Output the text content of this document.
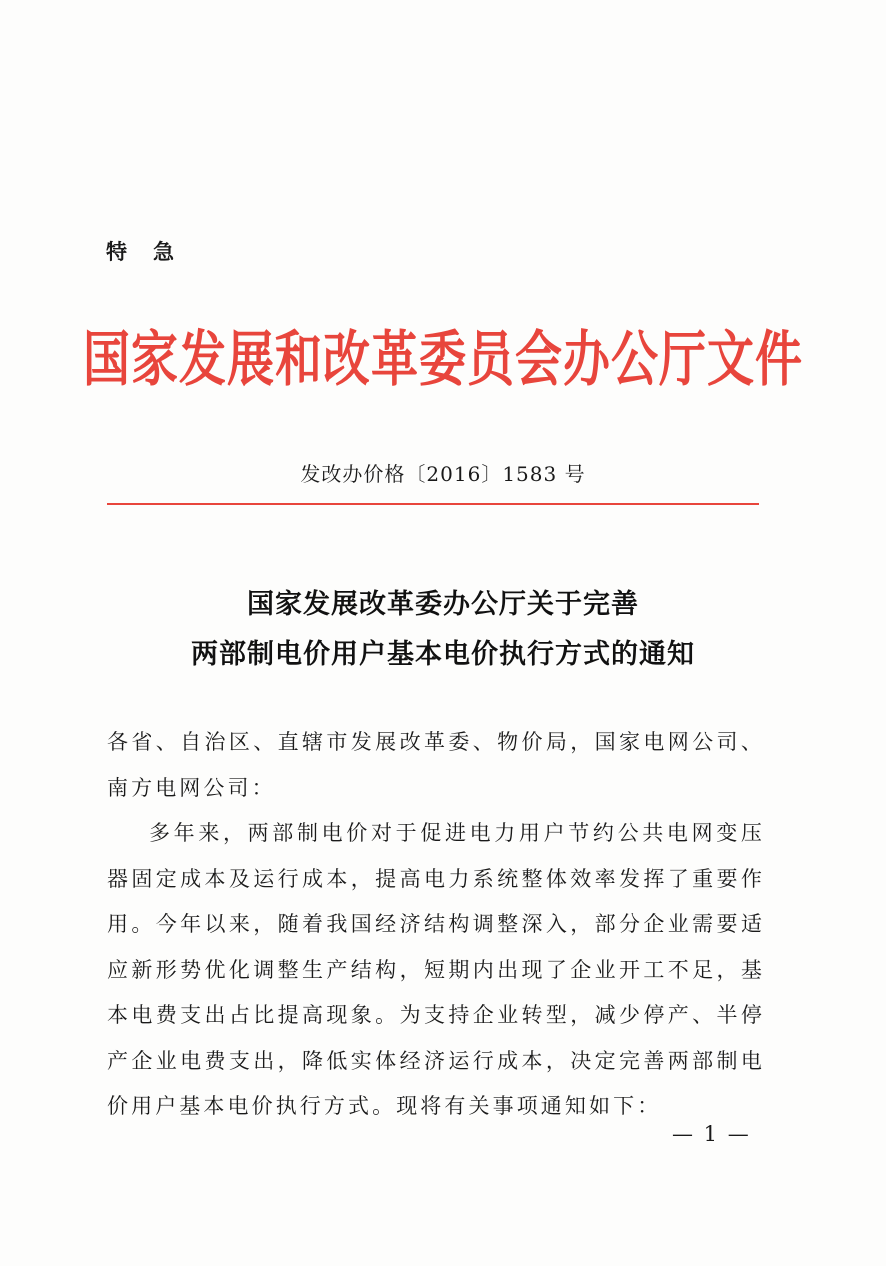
特急
国家发展和改革委员会办公厅文件
发改办价格〔2016〕1583 号
国家发展改革委办公厅关于完善
两部制电价用户基本电价执行方式的通知

各省、自治区、直辖市发展改革委、物价局，国家电网公司、南方电网公司：

多年来，两部制电价对于促进电力用户节约公共电网变压器固定成本及运行成本，提高电力系统整体效率发挥了重要作用。今年以来，随着我国经济结构调整深入，部分企业需要适应新形势优化调整生产结构，短期内出现了企业开工不足，基本电费支出占比提高现象。为支持企业转型，减少停产、半停产企业电费支出，降低实体经济运行成本，决定完善两部制电价用户基本电价执行方式。现将有关事项通知如下：

— 1 —
